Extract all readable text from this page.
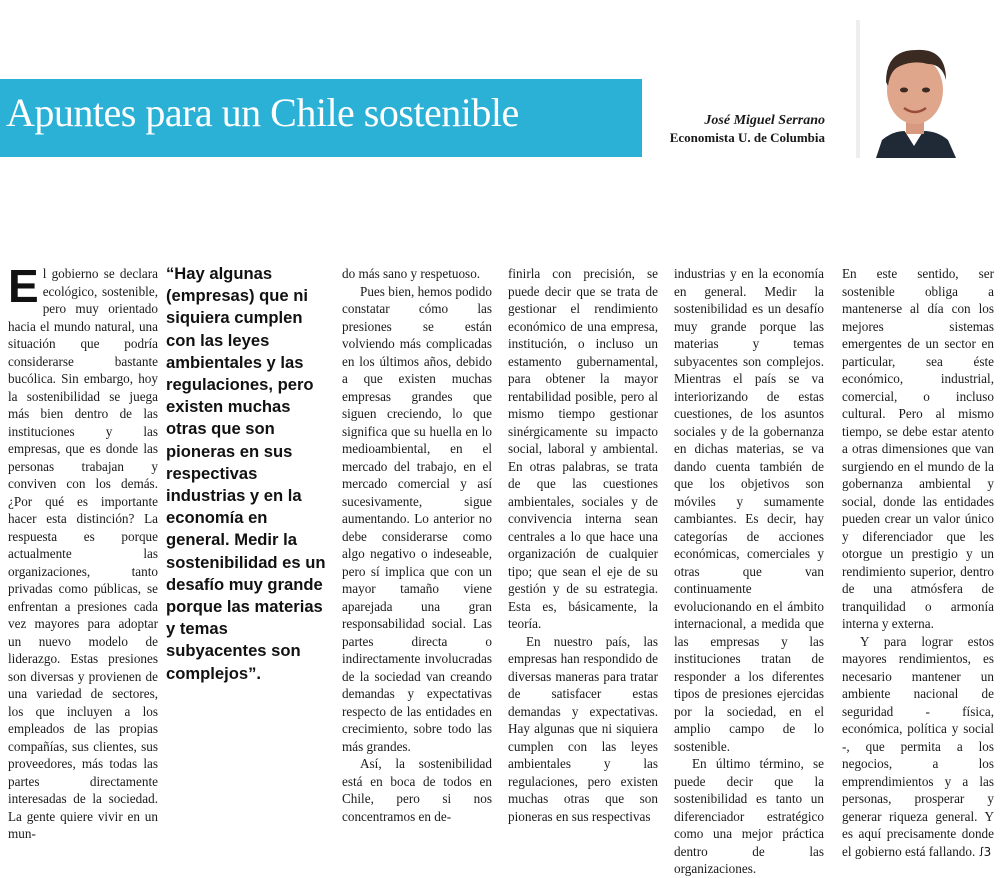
Apuntes para un Chile sostenible	José Miguel Serrano
Economista U. de Columbia
E l gobierno se declara ecológico, sostenible, pero muy orientado hacia el mundo natural, una situación que podría considerarse bastante bucólica. Sin embargo, hoy la sostenibilidad se juega más bien dentro de las instituciones y las empresas, que es donde las personas trabajan y conviven con los demás. ¿Por qué es importante hacer esta distinción? La respuesta es porque actualmente las organizaciones, tanto privadas como públicas, se enfrentan a presiones cada vez mayores para adoptar un nuevo modelo de liderazgo. Estas presiones son diversas y provienen de una variedad de sectores, los que incluyen a los empleados de las propias compañías, sus clientes, sus proveedores, más todas las partes directamente interesadas de la sociedad. La gente quiere vivir en un mun-

“Hay algunas (empresas) que ni siquiera cumplen con las leyes ambientales y las regulaciones, pero existen muchas otras que son pioneras en sus respectivas industrias y en la economía en general. Medir la sostenibilidad es un desafío muy grande porque las materias y temas subyacentes son complejos”.

do más sano y respetuoso.

Pues bien, hemos podido constatar cómo las presiones se están volviendo más complicadas en los últimos años, debido a que existen muchas empresas grandes que siguen creciendo, lo que significa que su huella en lo medioambiental, en el mercado del trabajo, en el mercado comercial y así sucesivamente, sigue aumentando. Lo anterior no debe considerarse como algo negativo o indeseable, pero sí implica que con un mayor tamaño viene aparejada una gran responsabilidad social. Las partes directa o indirectamente involucradas de la sociedad van creando demandas y expectativas respecto de las entidades en crecimiento, sobre todo las más grandes.

Así, la sostenibilidad está en boca de todos en Chile, pero si nos concentramos en de-

finirla con precisión, se puede decir que se trata de gestionar el rendimiento económico de una empresa, institución, o incluso un estamento gubernamental, para obtener la mayor rentabilidad posible, pero al mismo tiempo gestionar sinérgicamente su impacto social, laboral y ambiental. En otras palabras, se trata de que las cuestiones ambientales, sociales y de convivencia interna sean centrales a lo que hace una organización de cualquier tipo; que sean el eje de su gestión y de su estrategia. Esta es, básicamente, la teoría.

En nuestro país, las empresas han respondido de diversas maneras para tratar de satisfacer estas demandas y expectativas. Hay algunas que ni siquiera cumplen con las leyes ambientales y las regulaciones, pero existen muchas otras que son pioneras en sus respectivas

industrias y en la economía en general. Medir la sostenibilidad es un desafío muy grande porque las materias y temas subyacentes son complejos. Mientras el país se va interiorizando de estas cuestiones, de los asuntos sociales y de la gobernanza en dichas materias, se va dando cuenta también de que los objetivos son móviles y sumamente cambiantes. Es decir, hay categorías de acciones económicas, comerciales y otras que van continuamente evolucionando en el ámbito internacional, a medida que las empresas y las instituciones tratan de responder a los diferentes tipos de presiones ejercidas por la sociedad, en el amplio campo de lo sostenible.

En último término, se puede decir que la sostenibilidad es tanto un diferenciador estratégico como una mejor práctica dentro de las organizaciones.

En este sentido, ser sostenible obliga a mantenerse al día con los mejores sistemas emergentes de un sector en particular, sea éste económico, industrial, comercial, o incluso cultural. Pero al mismo tiempo, se debe estar atento a otras dimensiones que van surgiendo en el mundo de la gobernanza ambiental y social, donde las entidades pueden crear un valor único y diferenciador que les otorgue un prestigio y un rendimiento superior, dentro de una atmósfera de tranquilidad o armonía interna y externa.

Y para lograr estos mayores rendimientos, es necesario mantener un ambiente nacional de seguridad - física, económica, política y social -, que permita a los negocios, a los emprendimientos y a las personas, prosperar y generar riqueza general. Y es aquí precisamente donde el gobierno está fallando. ꭍ3
